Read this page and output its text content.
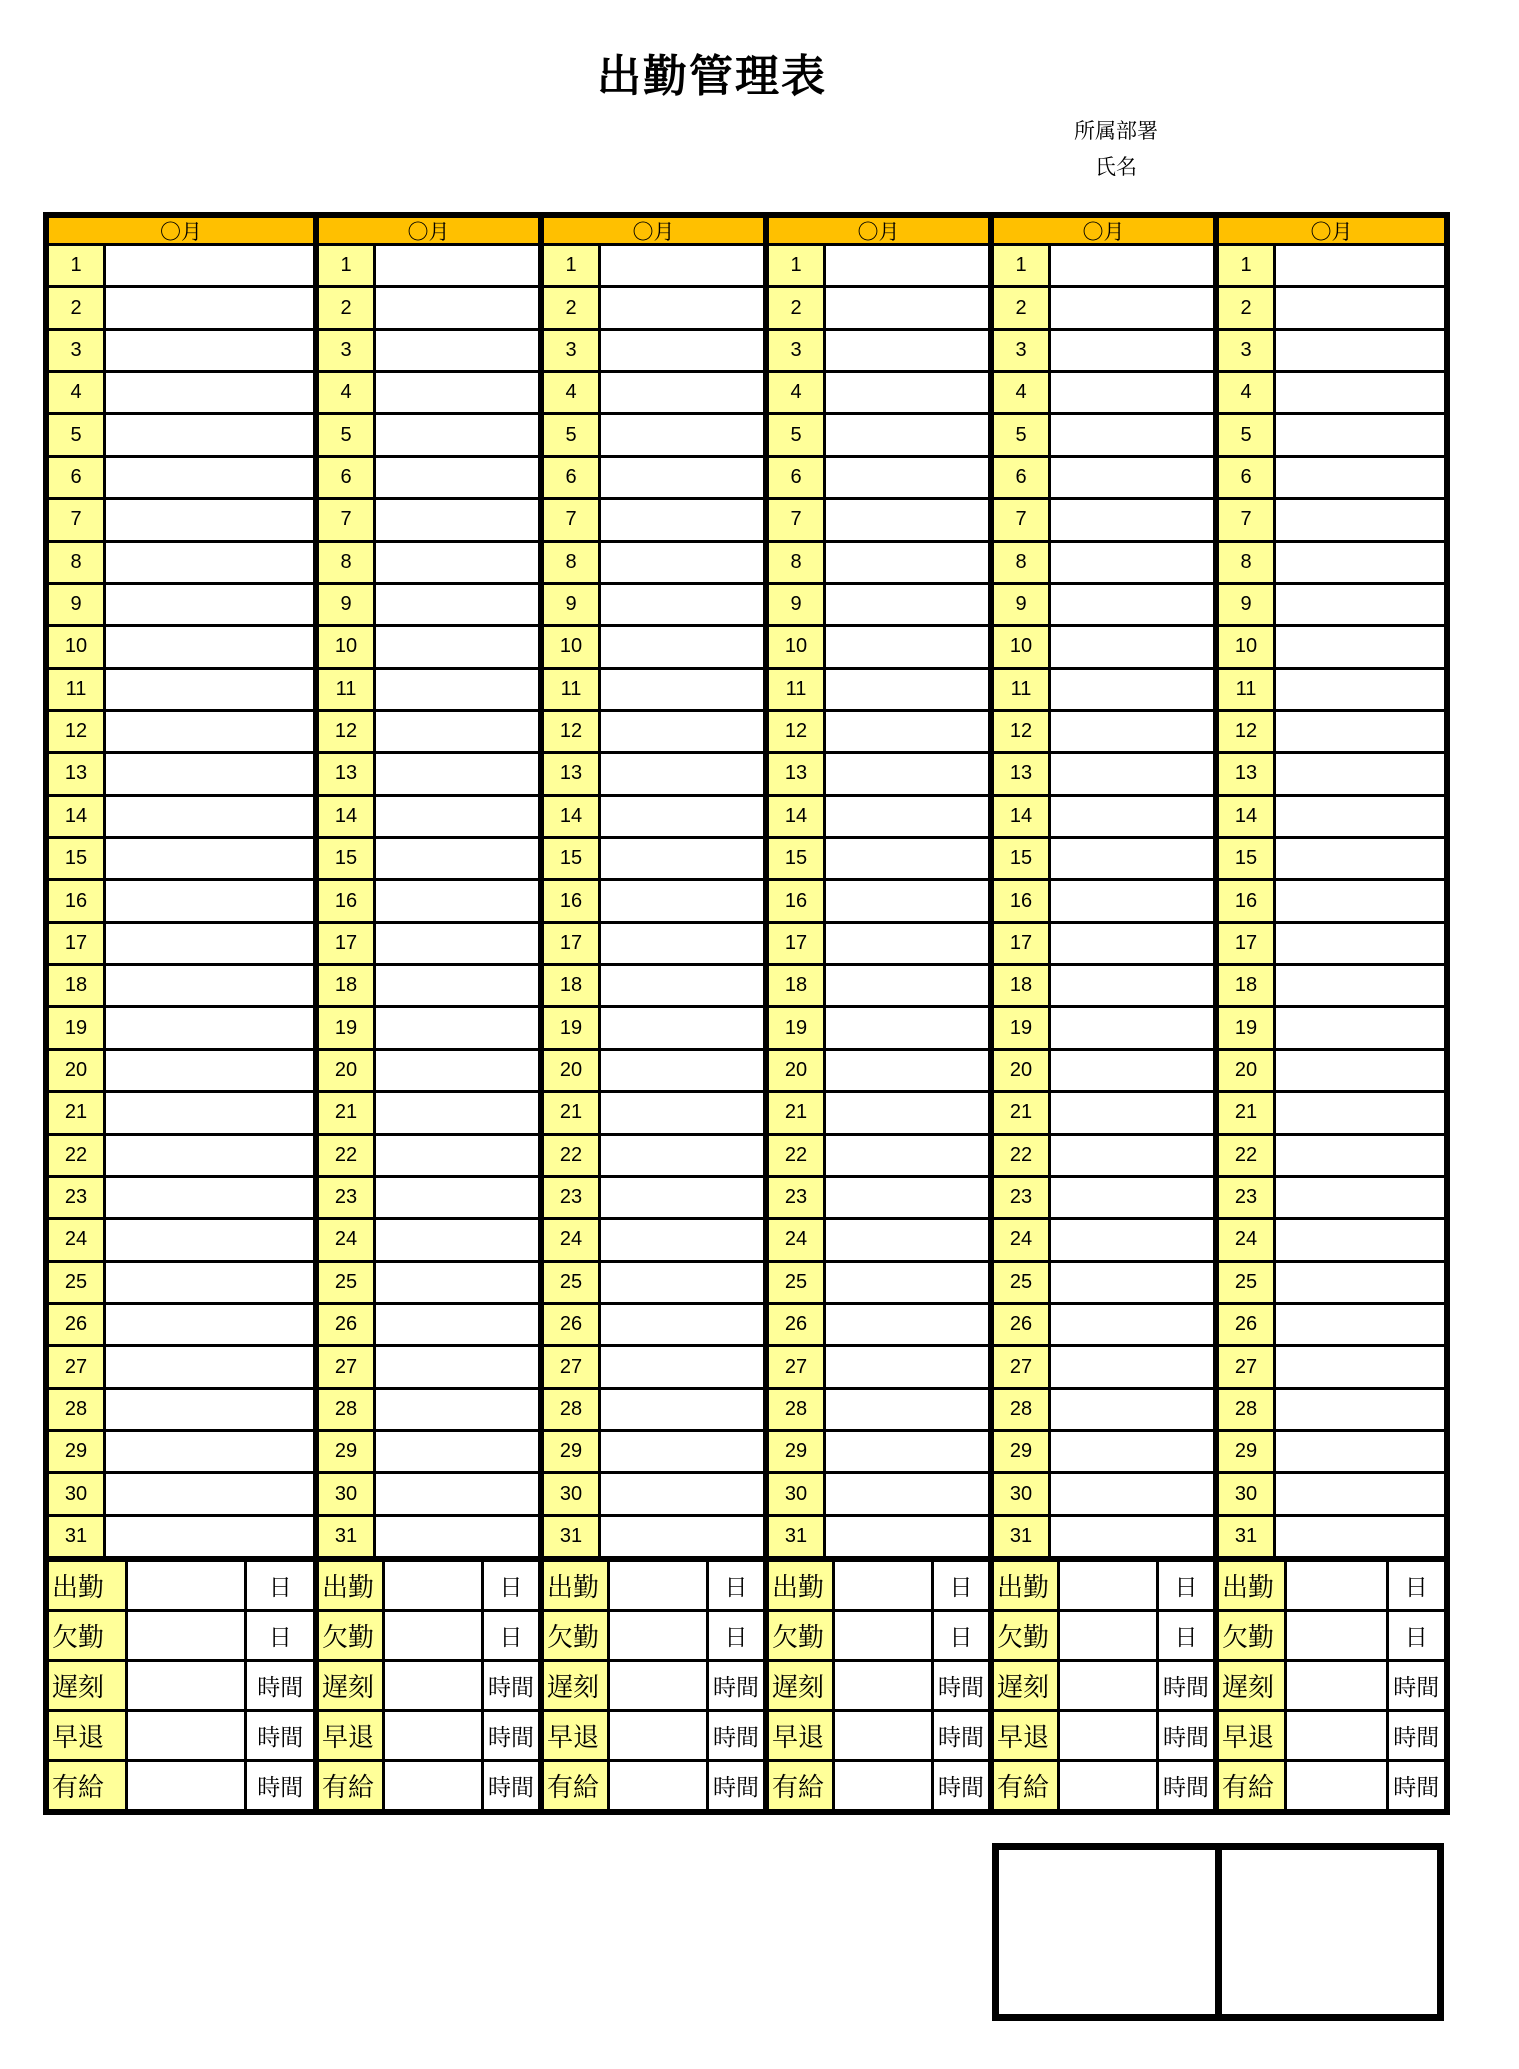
出勤管理表
所属部署
氏名
〇月
1
2
3
4
5
6
7
8
9
10
11
12
13
14
15
16
17
18
19
20
21
22
23
24
25
26
27
28
29
30
31
出勤	日
欠勤	日
遅刻	時間
早退	時間
有給	時間
〇月
1
2
3
4
5
6
7
8
9
10
11
12
13
14
15
16
17
18
19
20
21
22
23
24
25
26
27
28
29
30
31
出勤	日
欠勤	日
遅刻	時間
早退	時間
有給	時間
〇月
1
2
3
4
5
6
7
8
9
10
11
12
13
14
15
16
17
18
19
20
21
22
23
24
25
26
27
28
29
30
31
出勤	日
欠勤	日
遅刻	時間
早退	時間
有給	時間
〇月
1
2
3
4
5
6
7
8
9
10
11
12
13
14
15
16
17
18
19
20
21
22
23
24
25
26
27
28
29
30
31
出勤	日
欠勤	日
遅刻	時間
早退	時間
有給	時間
〇月
1
2
3
4
5
6
7
8
9
10
11
12
13
14
15
16
17
18
19
20
21
22
23
24
25
26
27
28
29
30
31
出勤	日
欠勤	日
遅刻	時間
早退	時間
有給	時間
〇月
1
2
3
4
5
6
7
8
9
10
11
12
13
14
15
16
17
18
19
20
21
22
23
24
25
26
27
28
29
30
31
出勤	日
欠勤	日
遅刻	時間
早退	時間
有給	時間
